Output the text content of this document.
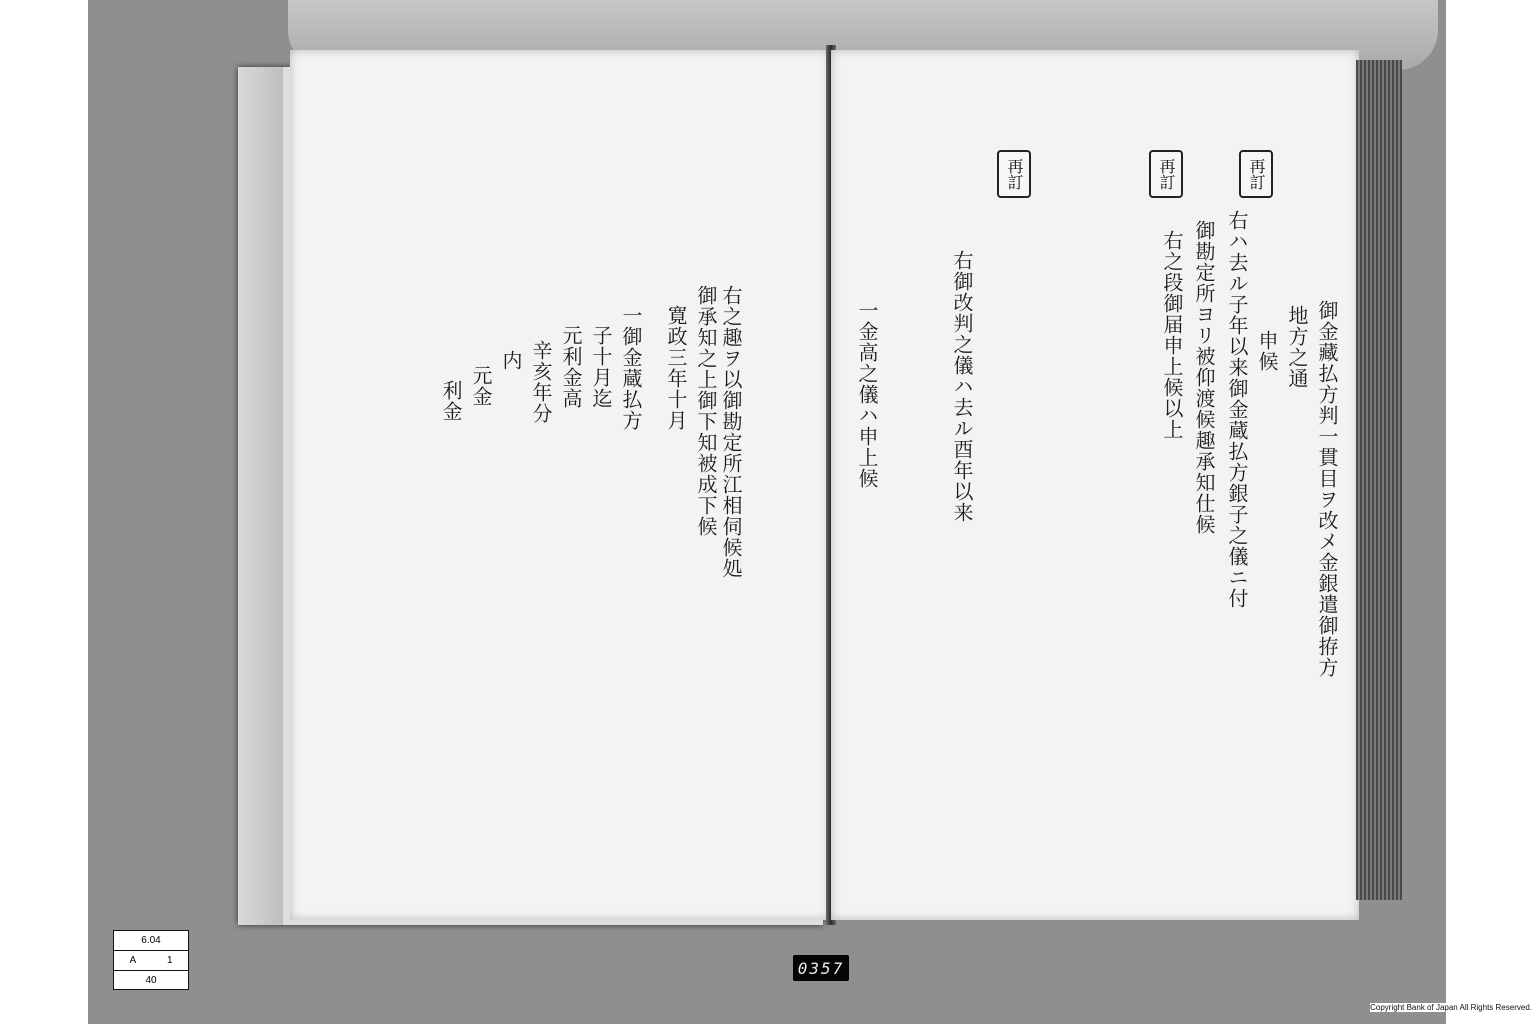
右之趣ヲ以御勘定所江相伺候処
御承知之上御下知被成下候
寛政三年十月
一御金蔵払方
子十月迄
元利金高
辛亥年分
内
元金
利金
再訂
再訂
再訂
御金藏払方判一貫目ヲ改メ金銀遣御拵方
地方之通
申候
右ハ去ル子年以来御金蔵払方銀子之儀ニ付
御勘定所ヨリ被仰渡候趣承知仕候
右之段御届申上候以上
右御改判之儀ハ去ル酉年以来
一金高之儀ハ申上候
6.04
A	1
40
0357
Copyright Bank of Japan All Rights Reserved.
